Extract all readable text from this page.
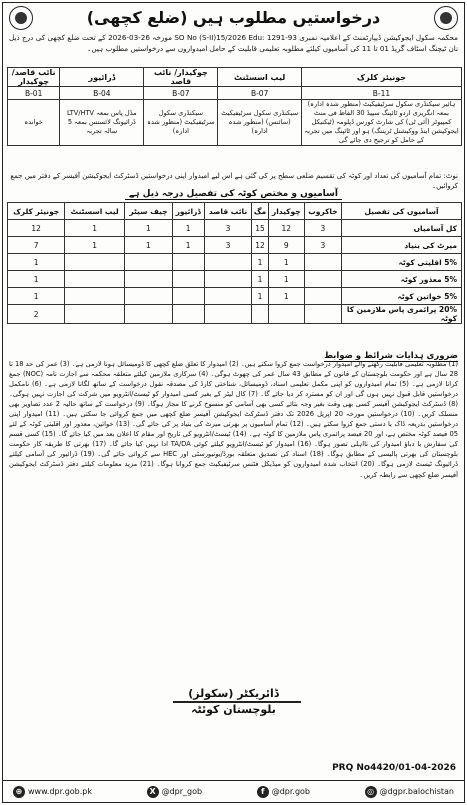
درخواستیں مطلوب ہیں (ضلع کچھی)
محکمہ سکول ایجوکیشن ڈیپارٹمنٹ کے اعلامیہ نمبری SO No (S-II)15/2026 Edu: 1291-93 مورخہ 26-03-2026 کے تحت ضلع کچھی کی درج ذیل نان ٹیچنگ اسٹاف گریڈ 01 تا 11 کی آسامیوں کیلئے مطلوبہ تعلیمی قابلیت کے حامل امیدواروں سے درخواستیں مطلوب ہیں۔
نائب قاصد/ چوکیدار	ڈرائیور	چوکیدار/ نائب قاصد	لیب اسسٹنٹ	جونیئر کلرک
B-01	B-04	B-07	B-07	B-11
خواندہ	مڈل پاس بمعہ LTV/HTV ڈرائیونگ لائسنس بمعہ 5 سالہ تجربہ	سیکنڈری سکول سرٹیفیکیٹ (منظور شدہ ادارہ)	سیکنڈری سکول سرٹیفیکیٹ (سائنس) (منظور شدہ ادارہ)	ہائیر سیکنڈری سکول سرٹیفیکیٹ (منظور شدہ ادارہ) بمعہ انگریزی اردو ٹائپنگ سپیڈ 30 الفاظ فی منٹ کمپیوٹر (آئی ٹی) کی شارٹ کورس ڈپلومہ (ٹیکنیکل ایجوکیشن اینڈ ووکیشنل ٹریننگ) ہو اور ٹائپنگ میں تجربہ کے حامل کو ترجیح دی جائے گی
نوٹ: تمام آسامیوں کی تعداد اور کوٹہ کی تقسیم ضلعی سطح پر کی گئی ہے اس لیے امیدوار اپنی درخواستیں ڈسٹرکٹ ایجوکیشن آفیسر کے دفتر میں جمع کروائیں۔
آسامیوں و مختص کوٹہ کی تفصیل درجہ ذیل ہے
جونیئر کلرک	لیب اسسٹنٹ	چیف سیٹر	ڈرائیور	نائب قاصد	مگ	چوکیدار	خاکروب	آسامیوں کی تفصیل
12	1	1	1	3	15	12	3	کل آسامیاں
7	1	1	1	3	12	9	3	میرٹ کی بنیاد
1					1	1		5% اقلیتی کوٹہ
1					1	1		5% معذور کوٹہ
1					1	1		5% خواتین کوٹہ
2								20% پرائمری پاس ملازمین کا کوٹہ
ضروری ہدایات شرائط و ضوابط
(1) مطلوبہ تعلیمی قابلیت رکھنے والے امیدوار درخواست جمع کروا سکتے ہیں۔ (2) امیدوار کا تعلق ضلع کچھی کا ڈومیسائل ہونا لازمی ہے۔ (3) عمر کی حد 18 تا 28 سال ہے اور حکومت بلوچستان کے قانون کے مطابق 43 سال عمر کی چھوٹ ہوگی۔ (4) سرکاری ملازمین کیلئے متعلقہ محکمہ سے اجازت نامہ (NOC) جمع کرانا لازمی ہے۔ (5) تمام امیدواروں کو اپنی مکمل تعلیمی اسناد، ڈومیسائل، شناختی کارڈ کی مصدقہ نقول درخواست کے ساتھ لگانا لازمی ہے۔ (6) نامکمل درخواستیں قابل قبول نہیں ہوں گی اور ان کو مسترد کر دیا جائے گا۔ (7) کال لیٹر کے بغیر کسی امیدوار کو ٹیسٹ/انٹرویو میں شرکت کی اجازت نہیں ہوگی۔ (8) ڈسٹرکٹ ایجوکیشن آفیسر کسی بھی وقت بغیر وجہ بتائے کسی بھی آسامی کو منسوخ کرنے کا مجاز ہوگا۔ (9) درخواست کے ساتھ حالیہ 2 عدد تصاویر بھی منسلک کریں۔ (10) درخواستیں مورخہ 20 اپریل 2026 تک دفتر ڈسٹرکٹ ایجوکیشن آفیسر ضلع کچھی میں جمع کروائی جا سکتی ہیں۔ (11) امیدوار اپنی درخواستیں بذریعہ ڈاک یا دستی جمع کروا سکتے ہیں۔ (12) تمام آسامیوں پر بھرتی میرٹ کی بنیاد پر کی جائے گی۔ (13) خواتین، معذور اور اقلیتی کوٹہ کے لئے 05 فیصد کوٹہ مختص ہے، اور 20 فیصد پرائمری پاس ملازمین کا کوٹہ ہے۔ (14) ٹیسٹ/انٹرویو کی تاریخ اور مقام کا اعلان بعد میں کیا جائے گا۔ (15) کسی قسم کی سفارش یا دباؤ امیدوار کی نااہلی تصور ہوگا۔ (16) امیدوار کو ٹیسٹ/انٹرویو کیلئے کوئی TA/DA ادا نہیں کیا جائے گا۔ (17) بھرتی کا طریقہ کار حکومت بلوچستان کی بھرتی پالیسی کے مطابق ہوگا۔ (18) اسناد کی تصدیق متعلقہ بورڈ/یونیورسٹی اور HEC سے کروائی جائے گی۔ (19) ڈرائیور کی آسامی کیلئے ڈرائیونگ ٹیسٹ لازمی ہوگا۔ (20) انتخاب شدہ امیدواروں کو میڈیکل فٹنس سرٹیفیکیٹ جمع کروانا ہوگا۔ (21) مزید معلومات کیلئے دفتر ڈسٹرکٹ ایجوکیشن آفیسر ضلع کچھی سے رابطہ کریں۔
ڈائریکٹر (سکولز)
بلوچستان کوئٹہ
PRQ No4420/01-04-2026
⊕ www.dpr.gob.pk	X @dpr_gob	f @dpr.gob	◎ @dgpr.balochistan
